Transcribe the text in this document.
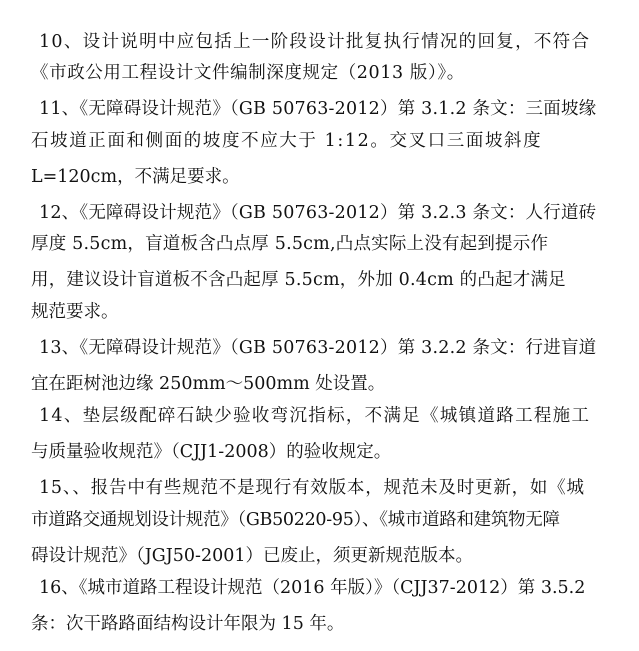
10、设计说明中应包括上一阶段设计批复执行情况的回复，不符合
《市政公用工程设计文件编制深度规定（2013 版）》。
11、《无障碍设计规范》（GB 50763-2012）第 3.1.2 条文：三面坡缘
石坡道正面和侧面的坡度不应大于 1:12。交叉口三面坡斜度
L=120cm，不满足要求。
12、《无障碍设计规范》（GB 50763-2012）第 3.2.3 条文：人行道砖
厚度 5.5cm，盲道板含凸点厚 5.5cm,凸点实际上没有起到提示作
用，建议设计盲道板不含凸起厚 5.5cm，外加 0.4cm 的凸起才满足
规范要求。
13、《无障碍设计规范》（GB 50763-2012）第 3.2.2 条文：行进盲道
宜在距树池边缘 250mm～500mm 处设置。
14、垫层级配碎石缺少验收弯沉指标，不满足《城镇道路工程施工
与质量验收规范》（CJJ1-2008）的验收规定。
15、、报告中有些规范不是现行有效版本，规范未及时更新，如《城
市道路交通规划设计规范》（GB50220-95）、《城市道路和建筑物无障
碍设计规范》（JGJ50-2001）已废止，须更新规范版本。
16、《城市道路工程设计规范（2016 年版）》（CJJ37-2012）第 3.5.2
条：次干路路面结构设计年限为 15 年。
